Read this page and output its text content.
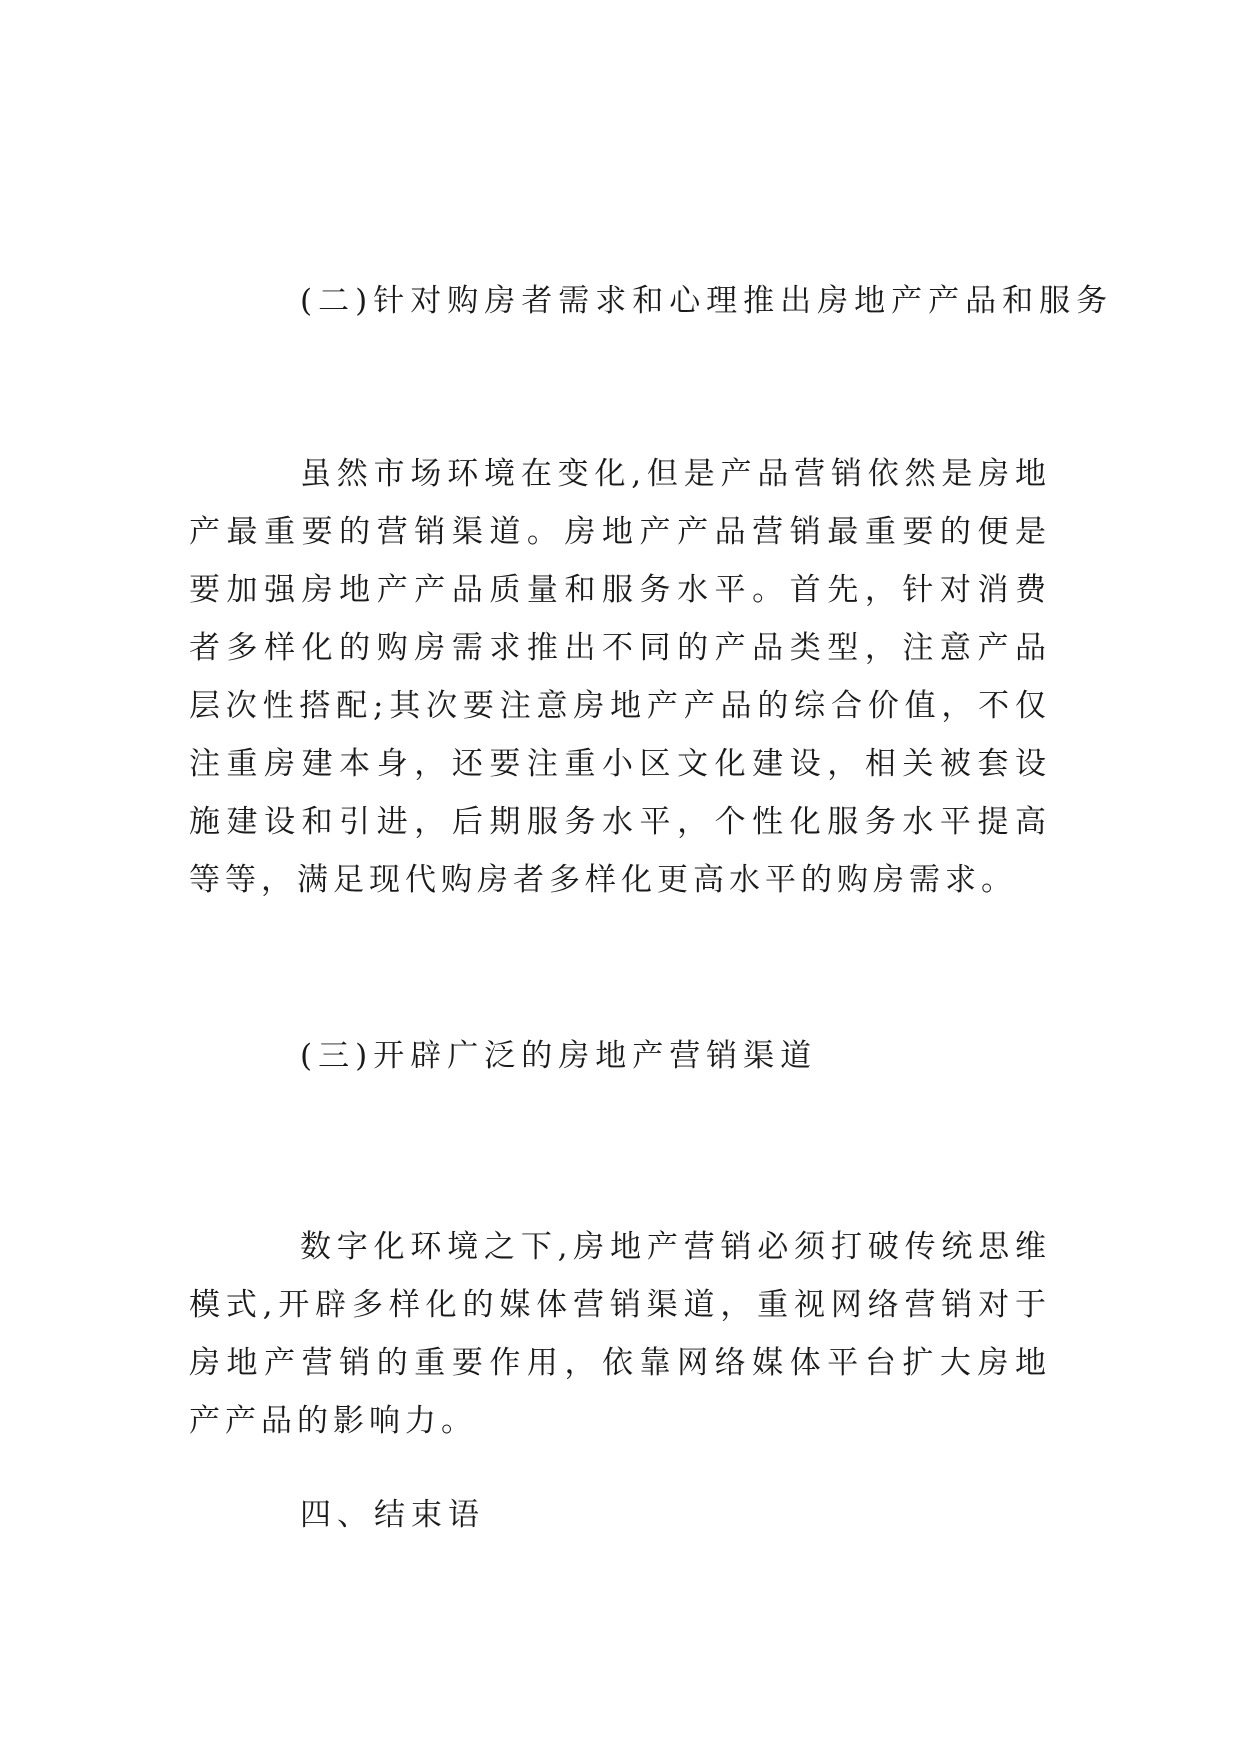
(二)针对购房者需求和心理推出房地产产品和服务

虽然市场环境在变化,但是产品营销依然是房地产最重要的营销渠道。房地产产品营销最重要的便是要加强房地产产品质量和服务水平。首先，针对消费者多样化的购房需求推出不同的产品类型，注意产品层次性搭配;其次要注意房地产产品的综合价值，不仅注重房建本身，还要注重小区文化建设，相关被套设施建设和引进，后期服务水平，个性化服务水平提高等等，满足现代购房者多样化更高水平的购房需求。

(三)开辟广泛的房地产营销渠道

数字化环境之下,房地产营销必须打破传统思维模式,开辟多样化的媒体营销渠道，重视网络营销对于房地产营销的重要作用，依靠网络媒体平台扩大房地产产品的影响力。

四、结束语
